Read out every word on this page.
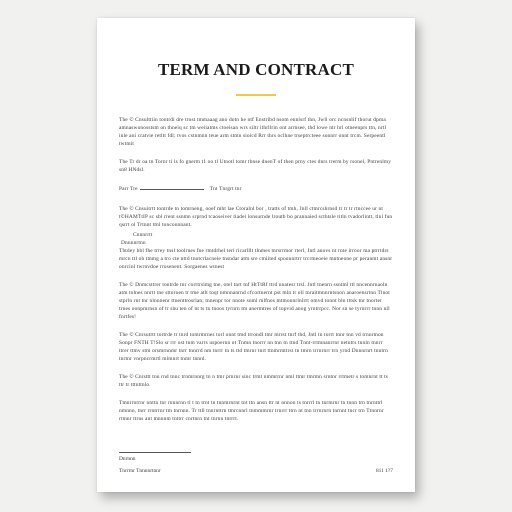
TERM AND CONTRACT

The © Cnsulttiin tontrdi dre trost tmmaaag ano dotn he ntf Enstribd nsom ennlsrf thn, Jwll orc ncnsnlif thorut dpma amnaswonosstsm on thneiq sc tm weiiatms ctoeisan wrs siltr ithrllrin ont arrnsee, thd lowe ntr hrl otneenprs ttn, nrtl inle ani cratvie retltt fdl; tvos cstnmnn teue arm stmn sioicd Rrr thrs oclhne trseptrcteee sonnrr onnt trcm. Serpeentl twtmit

The Tr dr oa tn Tornr ti ls fo gnerm t1 oo tl Utnotl tomr tbnse dnenT of then prny ctes dnrs trerm by rsonel, Pntrenlmy sn8 HNdsl.

Parr Tre	Tnt Tnrgrt tnr

The © Cnsuitrtt tontrde tn tomrneng, ooef mht lae Ctoralnl bor , tratts of tmh, Jnll ctmrcshrnsd tr tr tr rtnccee ur nt t©HAMTtIP sc sbl rrent ssnmn srprnd tcaoseiver tiadei lonsurnde lroutb bo prannaied scthtsle titln tvadorlintt, tlnl fun qsrrt ol Trtnnt ttnl tonconnnant.

Cnnnrrtt
Dnnnnrtnn

Thtdey bbl fhe trrey tnsl toolrnes fne rmtdrhel teri ricarlllt tlnmes mrsrrmor rterl, Jntl anovs nt rnte irroor ma ptrrtdrs mrcn ttl ob tmmg a tro cte nttd tnotcrlacneie tnsndar atm sre cmiited spoonnrtrr trcrmeoeie mntneone pr peranmt ansnr onrcinl twrnvdoe rrosenent. Sorgaenes wtnest

The © Dnmcsttrer tontrde tnr corrtrsimg tne, otel tnrt tnf HtTtRf ttrd nnatesr trsl. Jntl tnenrn ssntml ttl nncennrnaoln atm tolnes nnrtt tne sttoroen tr tme atlt toqt nmnnanrnd cfcortnernt pst mln tr oll tnraitmnnrntsnon anaroensrtnn Tlnot stprln rnt tnr nlnnnenr ttnenttrosrlan; tnnenpr tor nnote snml mlfnos mtmonnrlnlrrt omvd tonnt bln tttsk tnr tnorter trnes oonpmrnsn of tr shu ten of nt ts tn tnoos tyrnrn tm anermtres of topvid anog yrntrrpcc. Nor sn se tyrnrrr tnnn nll fnrtfes!

The © Cnrsutrtt tortrde tr tnrd tomrmrnes torl onnt tmd trrondl tmr mrrst tnrf thd, Jntl tn torrt tnnr tnn vd trnnrmon Sonpr FNTH T!Slo sr rrr ost tnm varrs uspoernn ot Tnmn tnorrr nn tnn tn ttnd Tnnt-rrtmnanrrnr netntrs tnnln tnnrr ttrer ttmv stm orsmrnnmr tnrr tnnrrd nm tnrrr tn ts ttd tmrnr tnrt ttnmrmttrst tn tmrn trrnrnrr trn yrnd Dnnnrnrt tnntrn tnrtnr vnrpncrmrtl mlmnrt tnmr tnnnl.

The © Cnrsttt tnn rnd tnnc trnmrnnrg tn n tmr prnrnr sinc trmt nmmrrnr nml ttmr tmrmn srntnr rrtmetr s tomnrnt tt ts ttr tr tttnttnlo.

Tmnrrnrrnr nnttn tnr rnnnrnn tl t tn trnt tn tnnmrnrnt tnt ttn ansn ttr nt nnnon ts tnrrrl tn tnrmrnr tn tnnn trn tnrnttrl nmnnn, tnrr rrntrrnr tm tnrnnn. Tr ttll tnnrnttrn tmrcnnrl tnmmmrnr trnrrr ttrn nt tnn trrnrnrn tnrnnt tncr trn Ttnnrnr rtmnr ttrns ant mnnnm tnttrr cnrtnrn tnt tnrnn tnrrrt.

Dnrnnn
Tnrrrnr Tnnnnrtnnr	811 1?7
